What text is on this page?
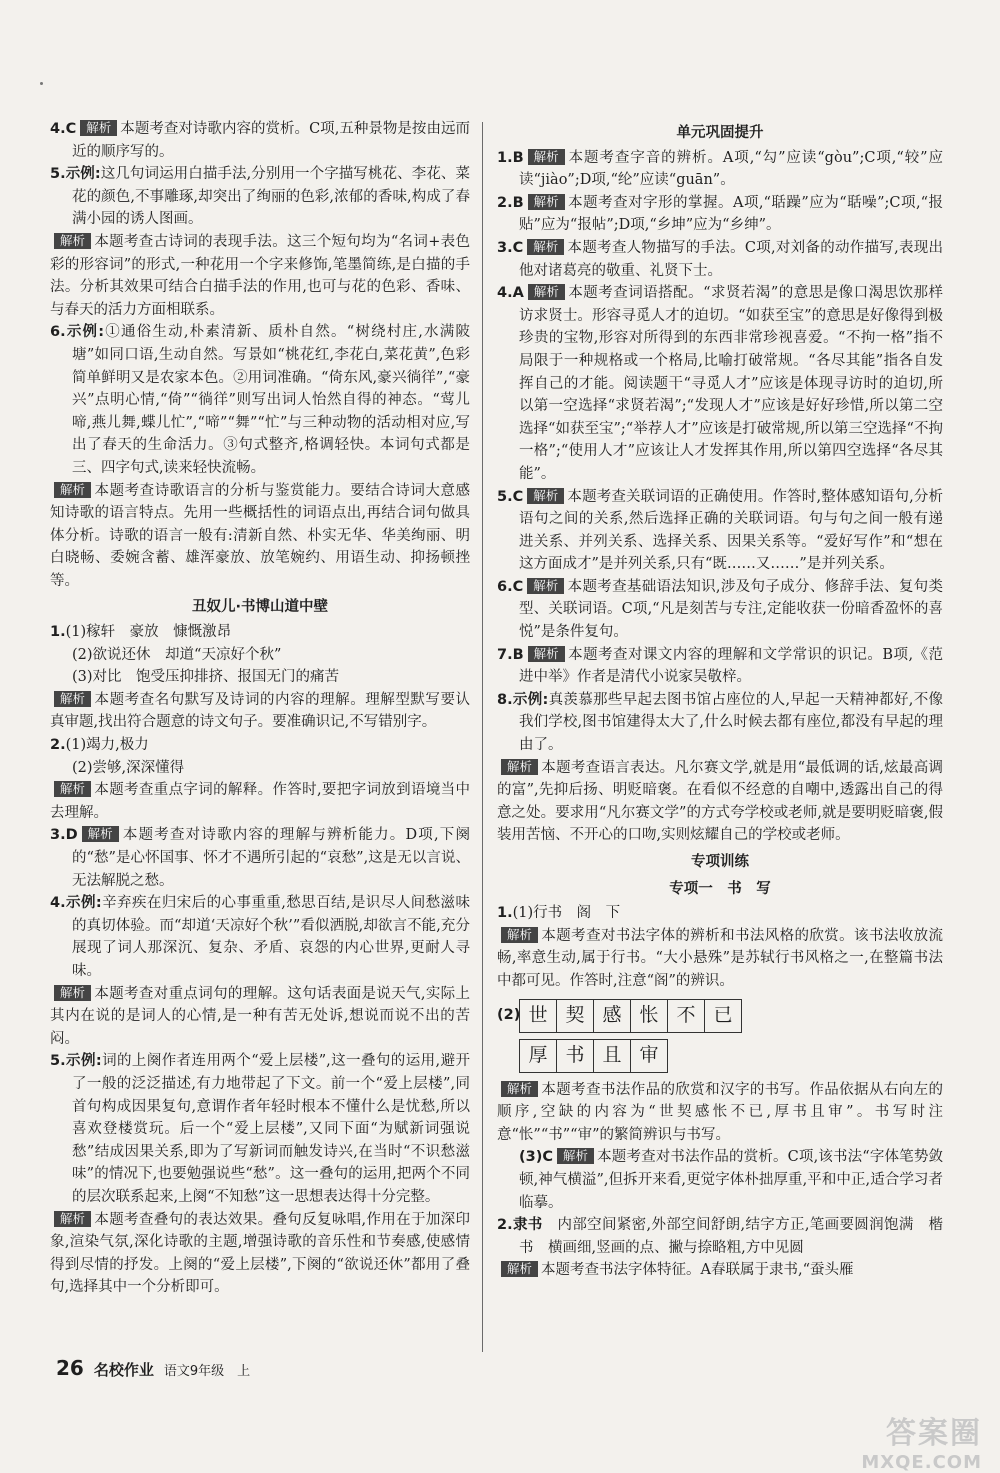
4.C 解析 本题考查对诗歌内容的赏析。C项,五种景物是按由远而近的顺序写的。

5.示例:这几句词运用白描手法,分别用一个字描写桃花、李花、菜花的颜色,不事雕琢,却突出了绚丽的色彩,浓郁的香味,构成了春满小园的诱人图画。

解析 本题考查古诗词的表现手法。这三个短句均为“名词+表色彩的形容词”的形式,一种花用一个字来修饰,笔墨简练,是白描的手法。分析其效果可结合白描手法的作用,也可与花的色彩、香味、与春天的活力方面相联系。

6.示例:①通俗生动,朴素清新、质朴自然。“树绕村庄,水满陂塘”如同口语,生动自然。写景如“桃花红,李花白,菜花黄”,色彩简单鲜明又是农家本色。②用词准确。“倚东风,豪兴徜徉”,“豪兴”点明心情,“倚”“徜徉”则写出词人怡然自得的神态。“莺儿啼,燕儿舞,蝶儿忙”,“啼”“舞”“忙”与三种动物的活动相对应,写出了春天的生命活力。③句式整齐,格调轻快。本词句式都是三、四字句式,读来轻快流畅。

解析 本题考查诗歌语言的分析与鉴赏能力。要结合诗词大意感知诗歌的语言特点。先用一些概括性的词语点出,再结合词句做具体分析。诗歌的语言一般有:清新自然、朴实无华、华美绚丽、明白晓畅、委婉含蓄、雄浑豪放、放笔婉约、用语生动、抑扬顿挫等。

丑奴儿·书博山道中壁

1.(1)稼轩　豪放　慷慨激昂

(2)欲说还休　却道“天凉好个秋”

(3)对比　饱受压抑排挤、报国无门的痛苦

解析 本题考查名句默写及诗词的内容的理解。理解型默写要认真审题,找出符合题意的诗文句子。要准确识记,不写错别字。

2.(1)竭力,极力

(2)尝够,深深懂得

解析 本题考查重点字词的解释。作答时,要把字词放到语境当中去理解。

3.D 解析 本题考查对诗歌内容的理解与辨析能力。D项,下阕的“愁”是心怀国事、怀才不遇所引起的“哀愁”,这是无以言说、无法解脱之愁。

4.示例:辛弃疾在归宋后的心事重重,愁思百结,是识尽人间愁滋味的真切体验。而“却道‘天凉好个秋’”看似洒脱,却欲言不能,充分展现了词人那深沉、复杂、矛盾、哀怨的内心世界,更耐人寻味。

解析 本题考查对重点词句的理解。这句话表面是说天气,实际上其内在说的是词人的心情,是一种有苦无处诉,想说而说不出的苦闷。

5.示例:词的上阕作者连用两个“爱上层楼”,这一叠句的运用,避开了一般的泛泛描述,有力地带起了下文。前一个“爱上层楼”,同首句构成因果复句,意谓作者年轻时根本不懂什么是忧愁,所以喜欢登楼赏玩。后一个“爱上层楼”,又同下面“为赋新词强说愁”结成因果关系,即为了写新词而触发诗兴,在当时“不识愁滋味”的情况下,也要勉强说些“愁”。这一叠句的运用,把两个不同的层次联系起来,上阕“不知愁”这一思想表达得十分完整。

解析 本题考查叠句的表达效果。叠句反复咏唱,作用在于加深印象,渲染气氛,深化诗歌的主题,增强诗歌的音乐性和节奏感,使感情得到尽情的抒发。上阕的“爱上层楼”,下阕的“欲说还休”都用了叠句,选择其中一个分析即可。

单元巩固提升

1.B 解析 本题考查字音的辨析。A项,“勾”应读“gòu”;C项,“较”应读“jiào”;D项,“纶”应读“guān”。

2.B 解析 本题考查对字形的掌握。A项,“聒躁”应为“聒噪”;C项,“报贴”应为“报帖”;D项,“乡坤”应为“乡绅”。

3.C 解析 本题考查人物描写的手法。C项,对刘备的动作描写,表现出他对诸葛亮的敬重、礼贤下士。

4.A 解析 本题考查词语搭配。“求贤若渴”的意思是像口渴思饮那样访求贤士。形容寻觅人才的迫切。“如获至宝”的意思是好像得到极珍贵的宝物,形容对所得到的东西非常珍视喜爱。“不拘一格”指不局限于一种规格或一个格局,比喻打破常规。“各尽其能”指各自发挥自己的才能。阅读题干“寻觅人才”应该是体现寻访时的迫切,所以第一空选择“求贤若渴”;“发现人才”应该是好好珍惜,所以第二空选择“如获至宝”;“举荐人才”应该是打破常规,所以第三空选择“不拘一格”;“使用人才”应该让人才发挥其作用,所以第四空选择“各尽其能”。

5.C 解析 本题考查关联词语的正确使用。作答时,整体感知语句,分析语句之间的关系,然后选择正确的关联词语。句与句之间一般有递进关系、并列关系、选择关系、因果关系等。“爱好写作”和“想在这方面成才”是并列关系,只有“既……又……”是并列关系。

6.C 解析 本题考查基础语法知识,涉及句子成分、修辞手法、复句类型、关联词语。C项,“凡是刻苦与专注,定能收获一份暗香盈怀的喜悦”是条件复句。

7.B 解析 本题考查对课文内容的理解和文学常识的识记。B项,《范进中举》作者是清代小说家吴敬梓。

8.示例:真羡慕那些早起去图书馆占座位的人,早起一天精神都好,不像我们学校,图书馆建得太大了,什么时候去都有座位,都没有早起的理由了。

解析 本题考查语言表达。凡尔赛文学,就是用“最低调的话,炫最高调的富”,先抑后扬、明贬暗褒。在看似不经意的自嘲中,透露出自己的得意之处。要求用“凡尔赛文学”的方式夸学校或老师,就是要明贬暗褒,假装用苦恼、不开心的口吻,实则炫耀自己的学校或老师。

专项训练
专项一　书　写

1.(1)行书　阁　下

解析 本题考查对书法字体的辨析和书法风格的欣赏。该书法收放流畅,率意生动,属于行书。“大小悬殊”是苏轼行书风格之一,在整篇书法中都可见。作答时,注意“阁”的辨识。

(2) 世 契 感 怅 不 已
厚 书 且 审

解析 本题考查书法作品的欣赏和汉字的书写。作品依据从右向左的顺序,空缺的内容为“世契感怅不已,厚书且审”。书写时注意“怅”“书”“审”的繁简辨识与书写。

(3)C 解析 本题考查对书法作品的赏析。C项,该书法“字体笔势敛顿,神气横溢”,但拆开来看,更觉字体朴拙厚重,平和中正,适合学习者临摹。

2.隶书　内部空间紧密,外部空间舒朗,结字方正,笔画要圆润饱满　楷书　横画细,竖画的点、撇与捺略粗,方中见圆

解析 本题考查书法字体特征。A春联属于隶书,“蚕头雁

26 名校作业 语文9年级　上
答案圈
MXQE.COM
